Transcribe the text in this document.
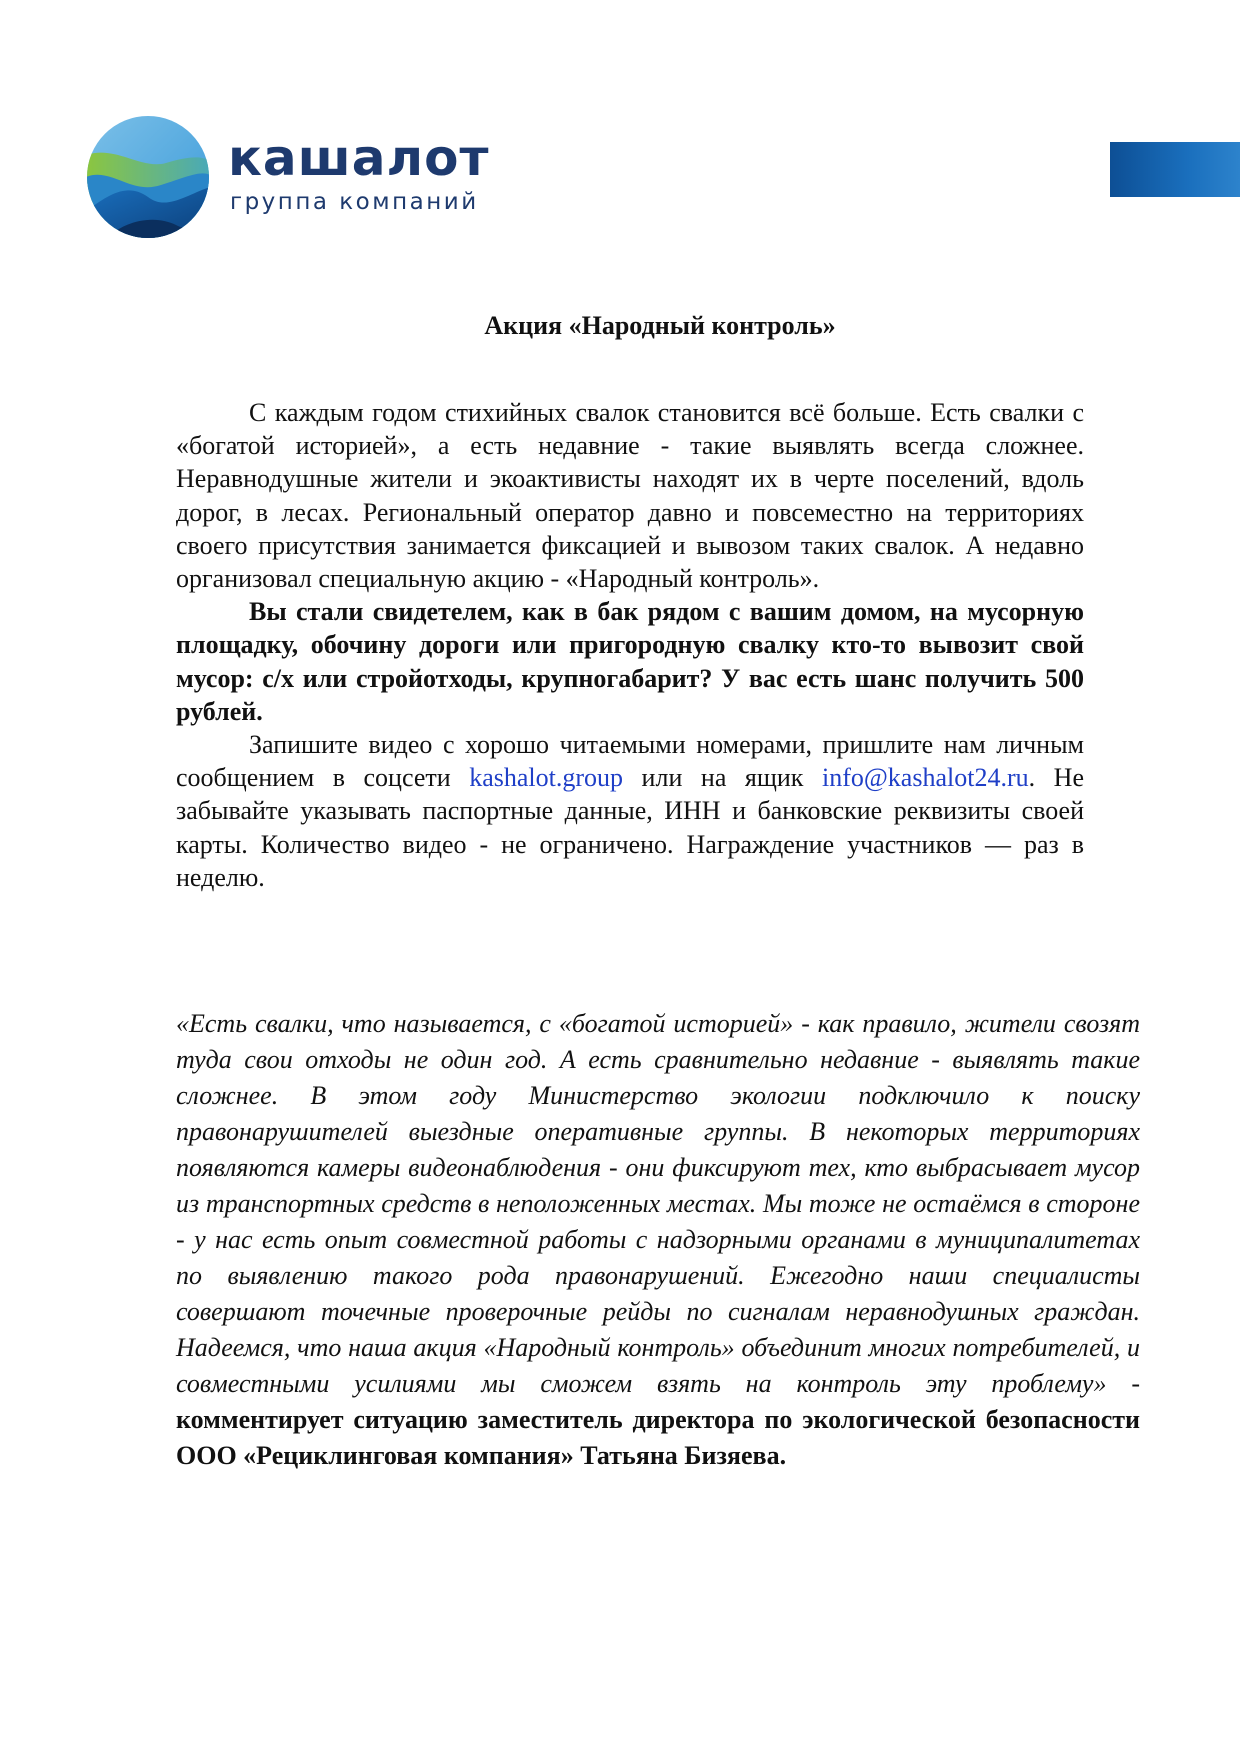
кашалот
группа компаний
Акция «Народный контроль»

С каждым годом стихийных свалок становится всё больше. Есть свалки с «богатой историей», а есть недавние - такие выявлять всегда сложнее. Неравнодушные жители и экоактивисты находят их в черте поселений, вдоль дорог, в лесах. Региональный оператор давно и повсеместно на территориях своего присутствия занимается фиксацией и вывозом таких свалок. А недавно организовал специальную акцию - «Народный контроль».

Вы стали свидетелем, как в бак рядом с вашим домом, на мусорную площадку, обочину дороги или пригородную свалку кто-то вывозит свой мусор: с/х или стройотходы, крупногабарит? У вас есть шанс получить 500 рублей.

Запишите видео с хорошо читаемыми номерами, пришлите нам личным сообщением в соцсети kashalot.group или на ящик info@kashalot24.ru. Не забывайте указывать паспортные данные, ИНН и банковские реквизиты своей карты. Количество видео - не ограничено. Награждение участников — раз в неделю.

«Есть свалки, что называется, с «богатой историей» - как правило, жители свозят туда свои отходы не один год. А есть сравнительно недавние - выявлять такие сложнее. В этом году Министерство экологии подключило к поиску правонарушителей выездные оперативные группы. В некоторых территориях появляются камеры видеонаблюдения - они фиксируют тех, кто выбрасывает мусор из транспортных средств в неположенных местах. Мы тоже не остаёмся в стороне - у нас есть опыт совместной работы с надзорными органами в муниципалитетах по выявлению такого рода правонарушений. Ежегодно наши специалисты совершают точечные проверочные рейды по сигналам неравнодушных граждан. Надеемся, что наша акция «Народный контроль» объединит многих потребителей, и совместными усилиями мы сможем взять на контроль эту проблему» - комментирует ситуацию заместитель директора по экологической безопасности ООО «Рециклинговая компания» Татьяна Бизяева.
